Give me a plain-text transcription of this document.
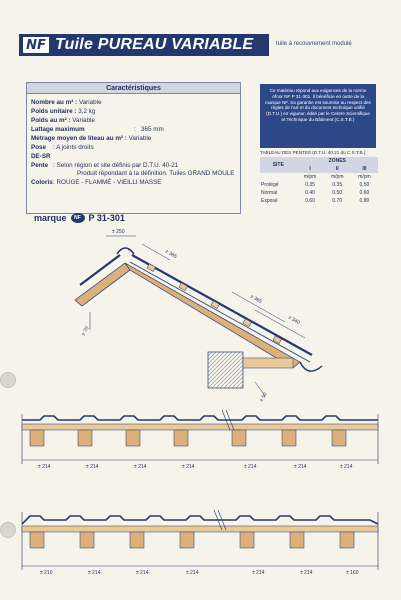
NF Tuile PUREAU VARIABLE	tuile à recouvrement modulé
Caractéristiques
Nombre au m² : Variable
Poids unitaire : 3,2 kg
Poids au m² : Variable
Lattage maximum	: 365 mm
Métrage moyen de liteau au m² : Variable
Pose : A joints droits
DE-SR
Pente : Selon région et site définis par D.T.U. 40-21
Produit répondant à la définition. Tuiles GRAND MOULE
Coloris : ROUGE - FLAMMÉ - VIEILLI MASSE
marque	NF P 31-301
Ce matériau répond aux exigences de la norme Afnor NF P 31-301. Il bénéficie en outre de la marque NF. Sa garantie est soumise au respect des règles de l'art et du document technique unifié (D.T.U.) en vigueur, édité par le Centre Scientifique et Technique du Bâtiment (C.S.T.B.)
TABLEAU DES PENTES (D.T.U. 40.21 du C.S.T.B.)
SITE	ZONES		
	I	II	III
	m/pm	m/pm	m/pm
Protégé	0.35	0.35	0.50
Normal	0.40	0.50	0.60
Exposé	0.60	0.70	0.80
± 250
± 365
± 365
± 340
± 70
± 50
± 214	± 214	± 214	± 214	± 214	± 214	± 214
± 210	± 214	± 214	± 214	± 214	± 214	± 160
